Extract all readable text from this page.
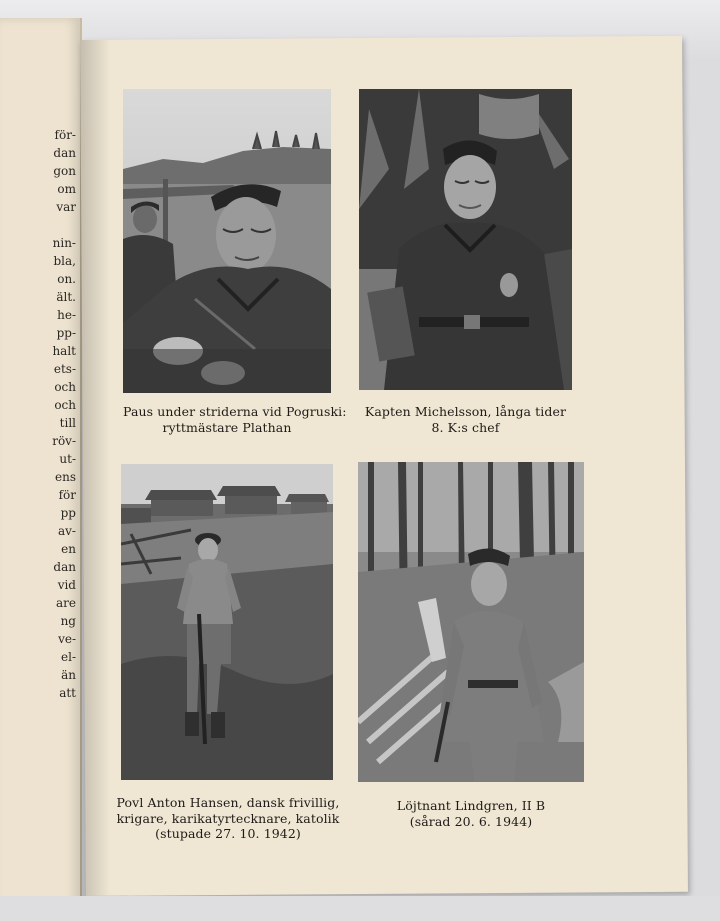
för-
dan
gon
om
var
nin-
bla,
on.
ält.
he-
pp-
halt
ets-
och
och
till
röv-
ut-
ens
för
pp
av-
en
dan
vid
are
ng
ve-
el-
än
att
Paus under striderna vid Pogruski:
ryttmästare Plathan
Kapten Michelsson, långa tider
8. K:s chef
Povl Anton Hansen, dansk frivillig,
krigare, karikatyrtecknare, katolik
(stupade 27. 10. 1942)
Löjtnant Lindgren, II B
(sårad 20. 6. 1944)
